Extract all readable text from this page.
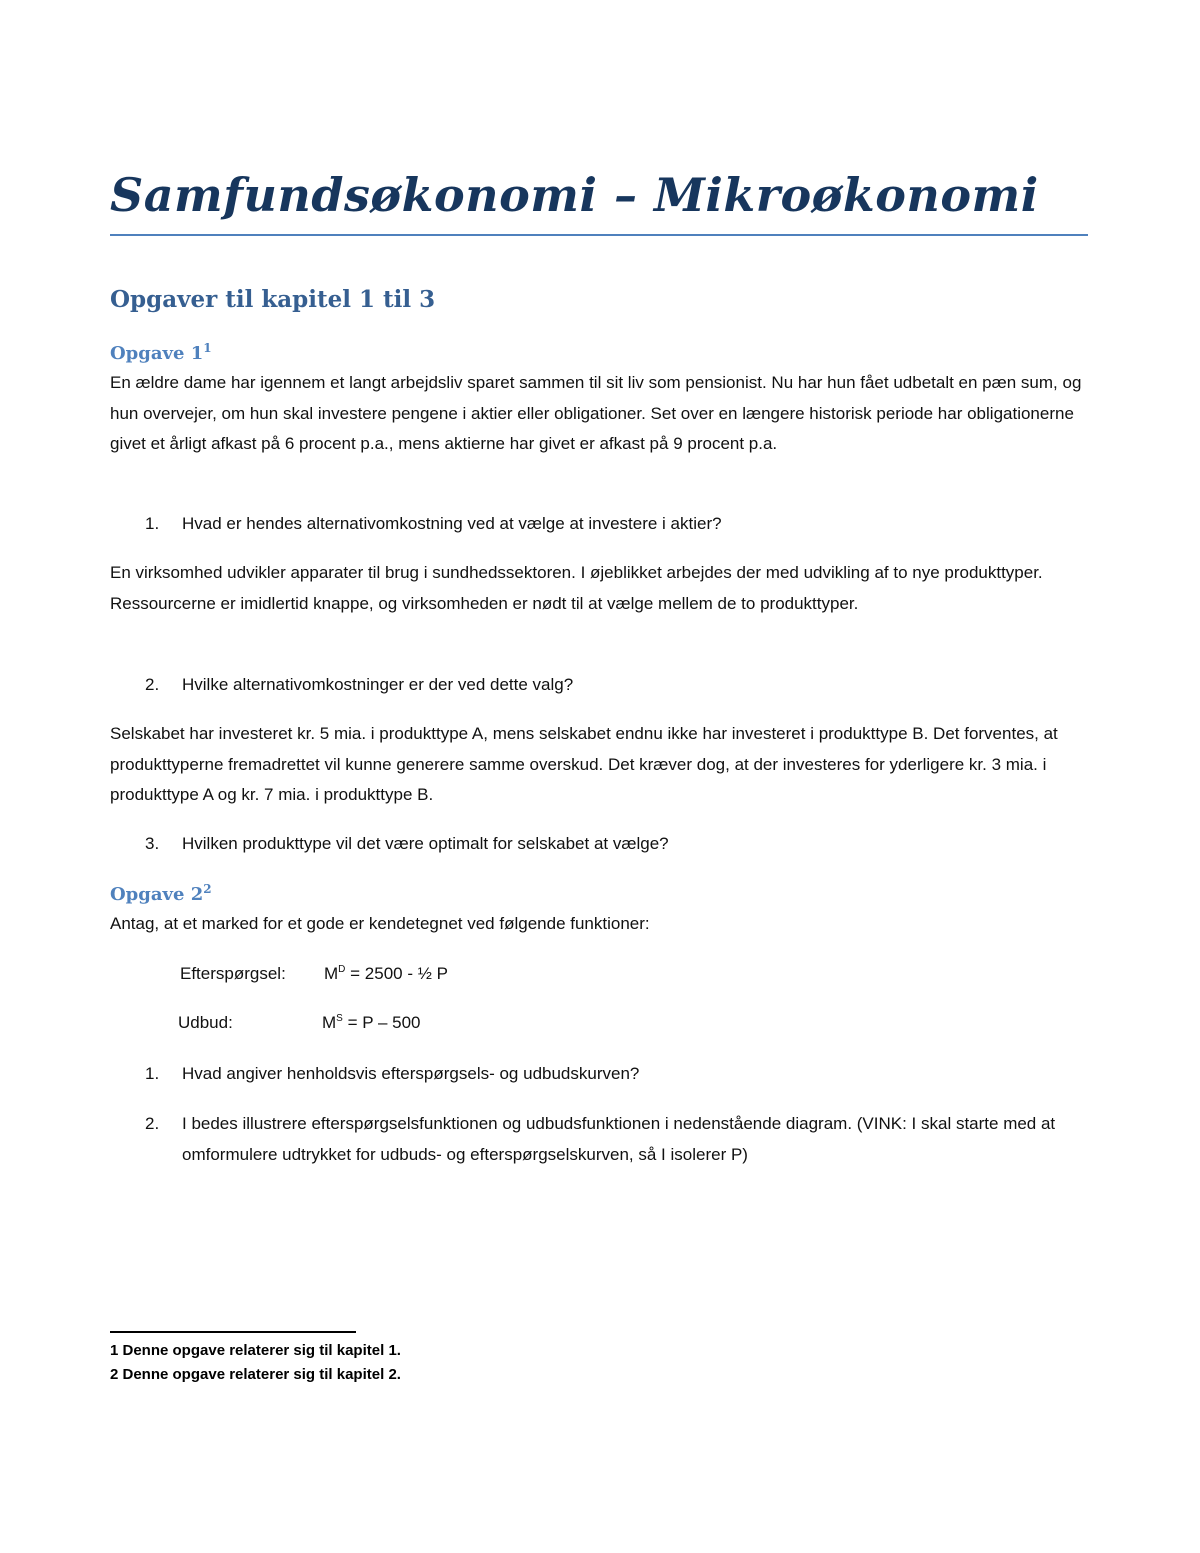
Samfundsøkonomi – Mikroøkonomi
Opgaver til kapitel 1 til 3
Opgave $1^1$

En ældre dame har igennem et langt arbejdsliv sparet sammen til sit liv som pensionist. Nu har hun fået udbetalt en pæn sum, og hun overvejer, om hun skal investere pengene i aktier eller obligationer. Set over en længere historisk periode har obligationerne givet et årligt afkast på 6 procent p.a., mens aktierne har givet er afkast på 9 procent p.a.

1. Hvad er hendes alternativomkostning ved at vælge at investere i aktier?

En virksomhed udvikler apparater til brug i sundhedssektoren. I øjeblikket arbejdes der med udvikling af to nye produkttyper. Ressourcerne er imidlertid knappe, og virksomheden er nødt til at vælge mellem de to produkttyper.

2. Hvilke alternativomkostninger er der ved dette valg?

Selskabet har investeret kr. 5 mia. i produkttype A, mens selskabet endnu ikke har investeret i produkttype B. Det forventes, at produkttyperne fremadrettet vil kunne generere samme overskud. Det kræver dog, at der investeres for yderligere kr. 3 mia. i produkttype A og kr. 7 mia. i produkttype B.

3. Hvilken produkttype vil det være optimalt for selskabet at vælge?
Opgave $2^2$

Antag, at et marked for et gode er kendetegnet ved følgende funktioner:

Efterspørgsel: $M^D = 2500$ - ½ P
Udbud:	$M^S = P - 500$
1. Hvad angiver henholdsvis efterspørgsels- og udbudskurven?
2. I bedes illustrere efterspørgselsfunktionen og udbudsfunktionen i nedenstående diagram. (VINK: I skal starte med at omformulere udtrykket for udbuds- og efterspørgselskurven, så I isolerer P)
1 Denne opgave relaterer sig til kapitel 1.
2 Denne opgave relaterer sig til kapitel 2.
